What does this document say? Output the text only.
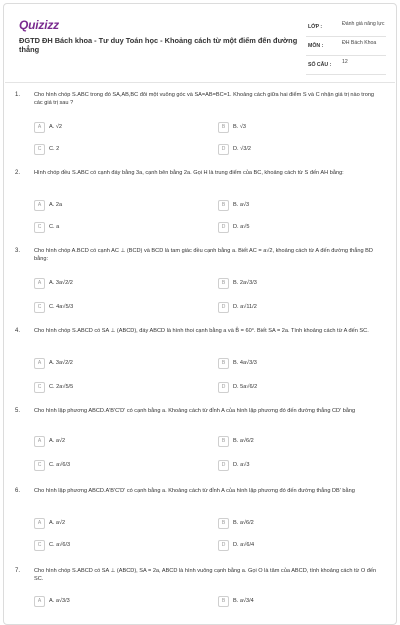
Quizizz
ĐGTD ĐH Bách khoa - Tư duy Toán học - Khoảng cách từ một điểm đến đường thẳng
LỚP :	Đánh giá năng lực
MÔN :	ĐH Bách Khoa
SỐ CÂU : 12
1. Cho hình chóp S.ABC trong đó SA,AB,BC đôi một vuông góc và SA=AB=BC=1. Khoảng cách giữa hai điểm S và C nhận giá trị nào trong các giá trị sau ?
A	A. √2	B	B. √3
C	C. 2	D	D. √3/2
2. Hình chóp đều S.ABC có cạnh đáy bằng 3a, cạnh bên bằng 2a. Gọi H là trung điểm của BC, khoảng cách từ S đến AH bằng:
A	A. 2a	B	B. a√3
C	C. a	D	D. a√5
3. Cho hình chóp A.BCD có cạnh AC ⊥ (BCD) và BCD là tam giác đều cạnh bằng a. Biết AC = a√2, khoảng cách từ A đến đường thẳng BD bằng:
A	A. 3a√2/2	B	B. 2a√3/3
C	C. 4a√5/3	D	D. a√11/2
4. Cho hình chóp S.ABCD có SA ⊥ (ABCD), đáy ABCD là hình thoi cạnh bằng a và B̂ = 60°. Biết SA = 2a. Tính khoảng cách từ A đến SC.
A	A. 3a√2/2	B	B. 4a√3/3
C	C. 2a√5/5	D	D. 5a√6/2
5. Cho hình lập phương ABCD.A'B'C'D' có cạnh bằng a. Khoảng cách từ đỉnh A của hình lập phương đó đến đường thẳng CD' bằng
A	A. a√2	B	B. a√6/2
C	C. a√6/3	D	D. a√3
6. Cho hình lập phương ABCD.A'B'C'D' có cạnh bằng a. Khoảng cách từ đỉnh A của hình lập phương đó đến đường thẳng DB' bằng
A	A. a√2	B	B. a√6/2
C	C. a√6/3	D	D. a√6/4
7. Cho hình chóp S.ABCD có SA ⊥ (ABCD), SA = 2a, ABCD là hình vuông cạnh bằng a. Gọi O là tâm của ABCD, tính khoảng cách từ O đến SC.
A	A. a√3/3	B	B. a√3/4
